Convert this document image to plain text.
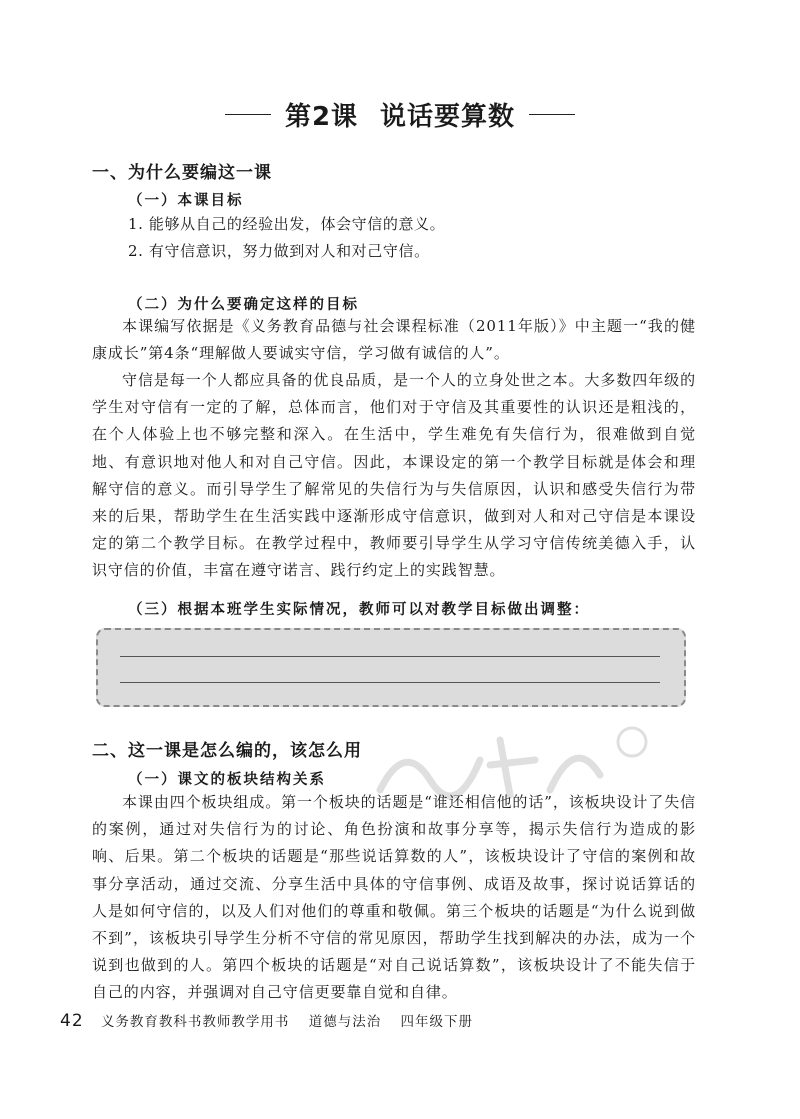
第2课 说话要算数
一、为什么要编这一课
（一）本课目标
1. 能够从自己的经验出发，体会守信的意义。
2. 有守信意识，努力做到对人和对己守信。
（二）为什么要确定这样的目标
本课编写依据是《义务教育品德与社会课程标准（2011年版）》中主题一“我的健康成长”第4条“理解做人要诚实守信，学习做有诚信的人”。
守信是每一个人都应具备的优良品质，是一个人的立身处世之本。大多数四年级的学生对守信有一定的了解，总体而言，他们对于守信及其重要性的认识还是粗浅的，在个人体验上也不够完整和深入。在生活中，学生难免有失信行为，很难做到自觉地、有意识地对他人和对自己守信。因此，本课设定的第一个教学目标就是体会和理解守信的意义。而引导学生了解常见的失信行为与失信原因，认识和感受失信行为带来的后果，帮助学生在生活实践中逐渐形成守信意识，做到对人和对己守信是本课设定的第二个教学目标。在教学过程中，教师要引导学生从学习守信传统美德入手，认识守信的价值，丰富在遵守诺言、践行约定上的实践智慧。
（三）根据本班学生实际情况，教师可以对教学目标做出调整：
二、这一课是怎么编的，该怎么用
（一）课文的板块结构关系
本课由四个板块组成。第一个板块的话题是“谁还相信他的话”，该板块设计了失信的案例，通过对失信行为的讨论、角色扮演和故事分享等，揭示失信行为造成的影响、后果。第二个板块的话题是“那些说话算数的人”，该板块设计了守信的案例和故事分享活动，通过交流、分享生活中具体的守信事例、成语及故事，探讨说话算话的人是如何守信的，以及人们对他们的尊重和敬佩。第三个板块的话题是“为什么说到做不到”，该板块引导学生分析不守信的常见原因，帮助学生找到解决的办法，成为一个说到也做到的人。第四个板块的话题是“对自己说话算数”，该板块设计了不能失信于自己的内容，并强调对自己守信更要靠自觉和自律。
42 义务教育教科书教师教学用书 道德与法治 四年级下册
